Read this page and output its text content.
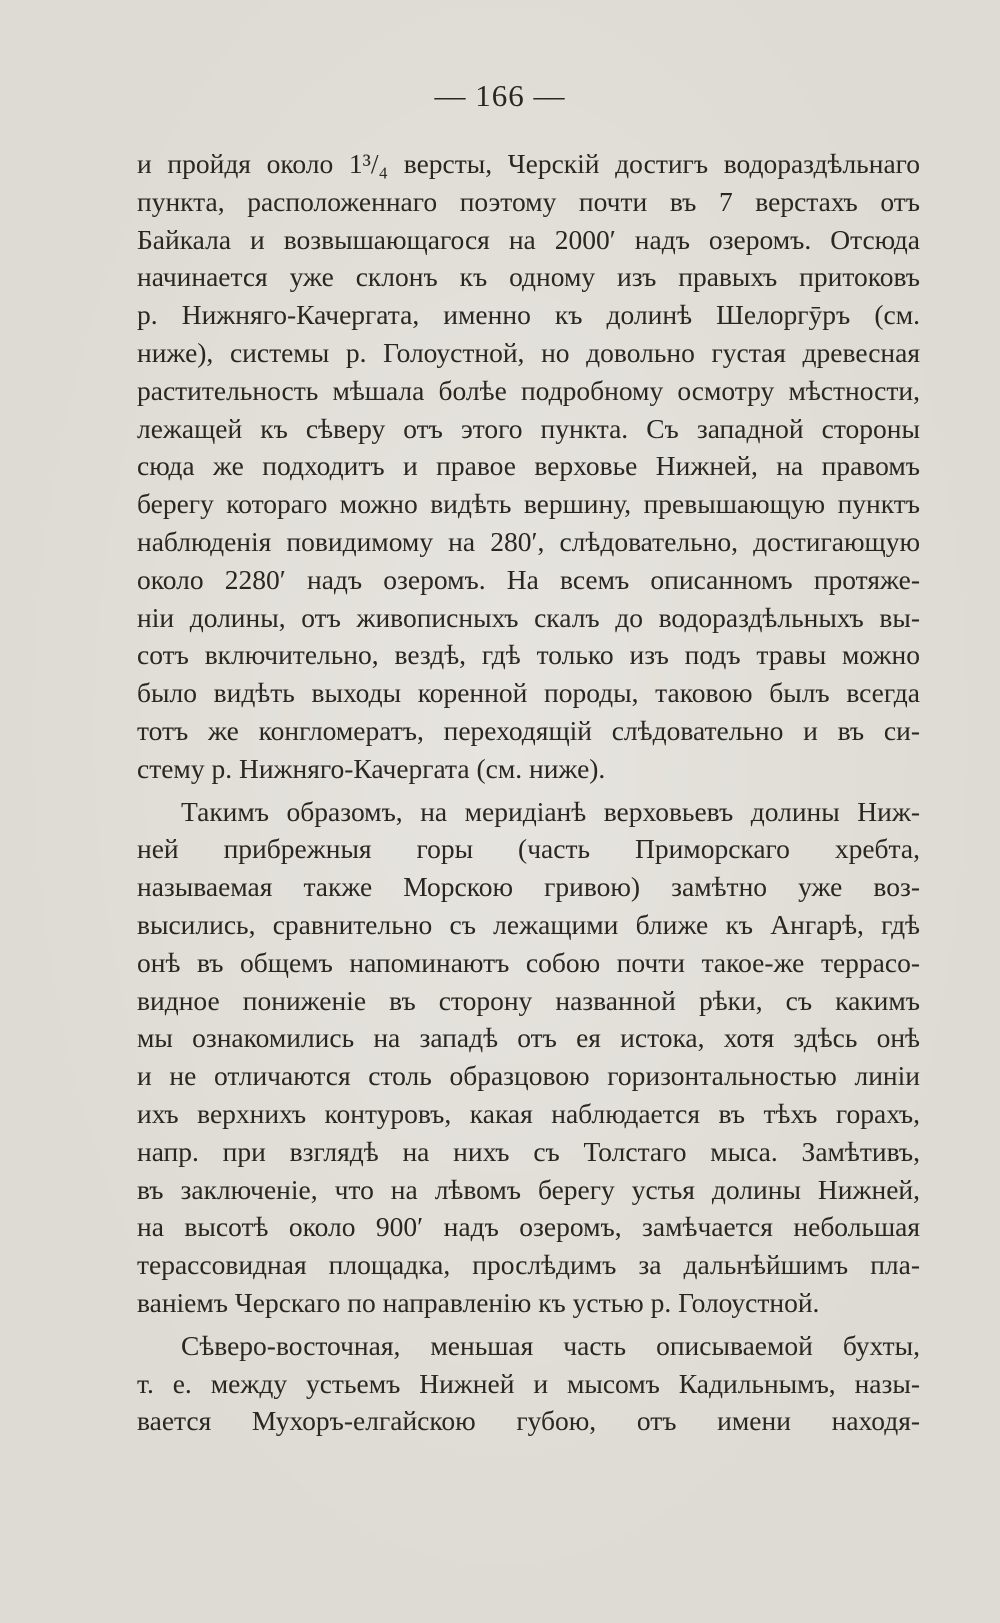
— 166 —
и пройдя около 1³/₄ версты, Черскій достигъ водораздѣльнаго
пункта, расположеннаго поэтому почти въ 7 верстахъ отъ
Байкала и возвышающагося на 2000′ надъ озеромъ. Отсюда
начинается уже склонъ къ одному изъ правыхъ притоковъ
р. Нижняго-Качергата, именно къ долинѣ Шелоргӯръ (см.
ниже), системы р. Голоустной, но довольно густая древесная
растительность мѣшала болѣе подробному осмотру мѣстности,
лежащей къ сѣверу отъ этого пункта. Съ западной стороны
сюда же подходитъ и правое верховье Нижней, на правомъ
берегу котораго можно видѣть вершину, превышающую пунктъ
наблюденія повидимому на 280′, слѣдовательно, достигающую
около 2280′ надъ озеромъ. На всемъ описанномъ протяже-
ніи долины, отъ живописныхъ скалъ до водораздѣльныхъ вы-
сотъ включительно, вездѣ, гдѣ только изъ подъ травы можно
было видѣть выходы коренной породы, таковою былъ всегда
тотъ же конгломератъ, переходящій слѣдовательно и въ си-
стему р. Нижняго-Качергата (см. ниже).
Такимъ образомъ, на меридіанѣ верховьевъ долины Ниж-
ней прибрежныя горы (часть Приморскаго хребта,
называемая также Морскою гривою) замѣтно уже воз-
высились, сравнительно съ лежащими ближе къ Ангарѣ, гдѣ
онѣ въ общемъ напоминаютъ собою почти такое-же террасо-
видное пониженіе въ сторону названной рѣки, съ какимъ
мы ознакомились на западѣ отъ ея истока, хотя здѣсь онѣ
и не отличаются столь образцовою горизонтальностью линіи
ихъ верхнихъ контуровъ, какая наблюдается въ тѣхъ горахъ,
напр. при взглядѣ на нихъ съ Толстаго мыса. Замѣтивъ,
въ заключеніе, что на лѣвомъ берегу устья долины Нижней,
на высотѣ около 900′ надъ озеромъ, замѣчается небольшая
терассовидная площадка, прослѣдимъ за дальнѣйшимъ пла-
ваніемъ Черскаго по направленію къ устью р. Голоустной.
Сѣверо-восточная, меньшая часть описываемой бухты,
т. е. между устьемъ Нижней и мысомъ Кадильнымъ, назы-
вается Мухоръ-елгайскою губою, отъ имени находя-
